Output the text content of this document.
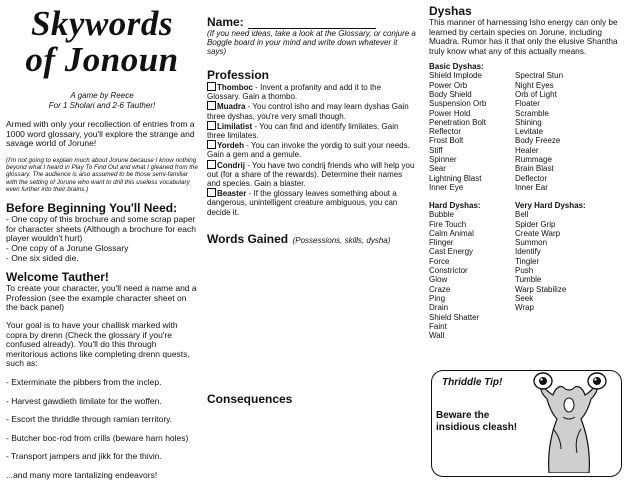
Skywords
of Jonoun
A game by Reece
For 1 Sholari and 2-6 Tauther!

Armed with only your recollection of entries from a 1000 word glossary, you'll explore the strange and savage world of Jorune!

(I'm not going to explain much about Jorune because I know nothing beyond what I heard in Play To Find Out and what I gleaned from the glossary. The audience is also assumed to be those semi-familiar with the setting of Jorune who want to drill this useless vocabulary even further into their brains.)

Before Beginning You'll Need:

- One copy of this brochure and some scrap paper for character sheets (Although a brochure for each player wouldn't hurt)

- One copy of a Jorune Glossary

- One six sided die.

Welcome Tauther!

To create your character, you'll need a name and a Profession (see the example character sheet on the back panel)

Your goal is to have your challisk marked with copra by drenn (Check the glossary if you're confused already). You'll do this through meritorious actions like completing drenn quests, such as:

- Exterminate the pibbers from the inclep.

- Harvest gawdieth limilate for the woffen.

- Escort the thriddle through ramian territory.

- Butcher boc-rod from crills (beware harn holes)

- Transport jampers and jikk for the thivin.

...and many more tantalizing endeavors!

Name:

(If you need ideas, take a look at the Glossary, or conjure a Boggle board in your mind and write down whatever it says)

Profession

Thomboc - Invent a profanity and add it to the Glossary. Gain a thombo.

Muadra - You control isho and may learn dyshas Gain three dyshas, you're very small though.

Limilatist - You can find and identify limilates. Gain three limilates.

Yordeh - You can invoke the yordig to suit your needs. Gain a gem and a gemule.

Condrij - You have two condrij friends who will help you out (for a share of the rewards). Determine their names and species. Gain a blaster.

Beaster - If the glossary leaves something about a dangerous, unintelligent creature ambiguous, you can decide it.

Words Gained (Possessions, skills, dysha)
Consequences
Dyshas

This manner of harnessing Isho energy can only be learned by certain species on Jorune, including Muadra. Rumor has it that only the elusive Shantha truly know what any of this actually means.

Basic Dyshas:

Shield Implode
Power Orb
Body Shield
Suspension Orb
Power Hold
Penetration Bolt
Reflector
Frost Bolt
Stiff
Spinner
Sear
Lightning Blast
Inner Eye

Spectral Stun
Night Eyes
Orb of Light
Floater
Scramble
Shining
Levitate
Body Freeze
Healer
Rummage
Brain Blast
Deflector
Inner Ear

Hard Dyshas:

Bubble
Fire Touch
Calm Animal
Flinger
Cast Energy
Force
Constrictor
Glow
Craze
Ping
Drain
Shield Shatter
Faint
Wall

Very Hard Dyshas:

Bell
Spider Grip
Create Warp
Summon
Identify
Tingler
Push
Tumble
Warp Stabilize
Seek
Wrap
Thriddle Tip!
Beware the
insidious cleash!
